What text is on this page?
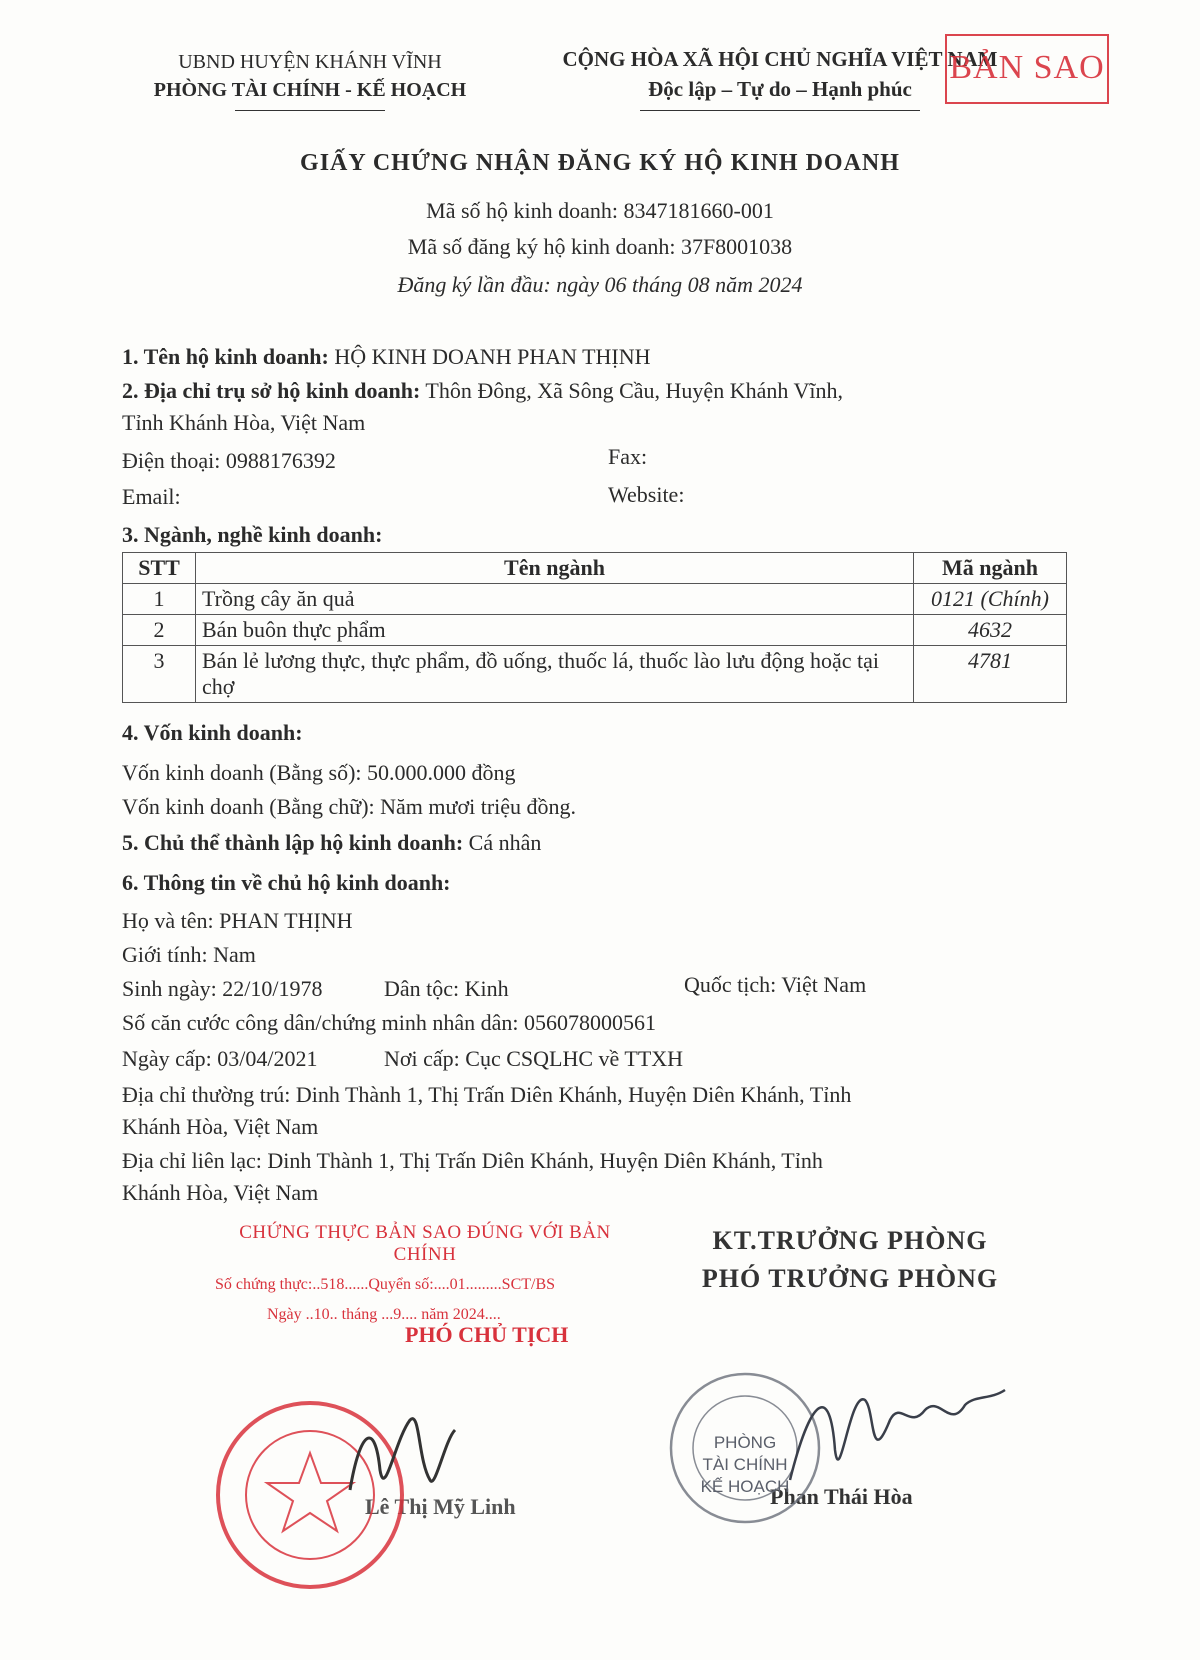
UBND HUYỆN KHÁNH VĨNH
PHÒNG TÀI CHÍNH - KẾ HOẠCH
CỘNG HÒA XÃ HỘI CHỦ NGHĨA VIỆT NAM
Độc lập – Tự do – Hạnh phúc
BẢN SAO
GIẤY CHỨNG NHẬN ĐĂNG KÝ HỘ KINH DOANH
Mã số hộ kinh doanh: 8347181660-001
Mã số đăng ký hộ kinh doanh: 37F8001038
Đăng ký lần đầu: ngày 06 tháng 08 năm 2024
1. Tên hộ kinh doanh: HỘ KINH DOANH PHAN THỊNH
2. Địa chỉ trụ sở hộ kinh doanh: Thôn Đông, Xã Sông Cầu, Huyện Khánh Vĩnh,
Tỉnh Khánh Hòa, Việt Nam
Điện thoại: 0988176392	Fax:
Email:	Website:
3. Ngành, nghề kinh doanh:
STT	Tên ngành	Mã ngành
1	Trồng cây ăn quả	0121 (Chính)
2	Bán buôn thực phẩm	4632
3	Bán lẻ lương thực, thực phẩm, đồ uống, thuốc lá, thuốc lào lưu động hoặc tại chợ	4781
4. Vốn kinh doanh:
Vốn kinh doanh (Bằng số): 50.000.000 đồng
Vốn kinh doanh (Bằng chữ): Năm mươi triệu đồng.
5. Chủ thể thành lập hộ kinh doanh: Cá nhân
6. Thông tin về chủ hộ kinh doanh:
Họ và tên: PHAN THỊNH
Giới tính: Nam
Sinh ngày: 22/10/1978	Dân tộc: Kinh	Quốc tịch: Việt Nam
Số căn cước công dân/chứng minh nhân dân: 056078000561
Ngày cấp: 03/04/2021	Nơi cấp: Cục CSQLHC về TTXH
Địa chỉ thường trú: Dinh Thành 1, Thị Trấn Diên Khánh, Huyện Diên Khánh, Tỉnh
Khánh Hòa, Việt Nam
Địa chỉ liên lạc: Dinh Thành 1, Thị Trấn Diên Khánh, Huyện Diên Khánh, Tỉnh
Khánh Hòa, Việt Nam
CHỨNG THỰC BẢN SAO ĐÚNG VỚI BẢN CHÍNH
Số chứng thực:..518......Quyển số:....01.........SCT/BS
Ngày ..10.. tháng ...9.... năm 2024....
PHÓ CHỦ TỊCH
Lê Thị Mỹ Linh
KT.TRƯỞNG PHÒNG
PHÓ TRƯỞNG PHÒNG
Phan Thái Hòa
PHÒNG
TÀI CHÍNH
KẾ HOẠCH
